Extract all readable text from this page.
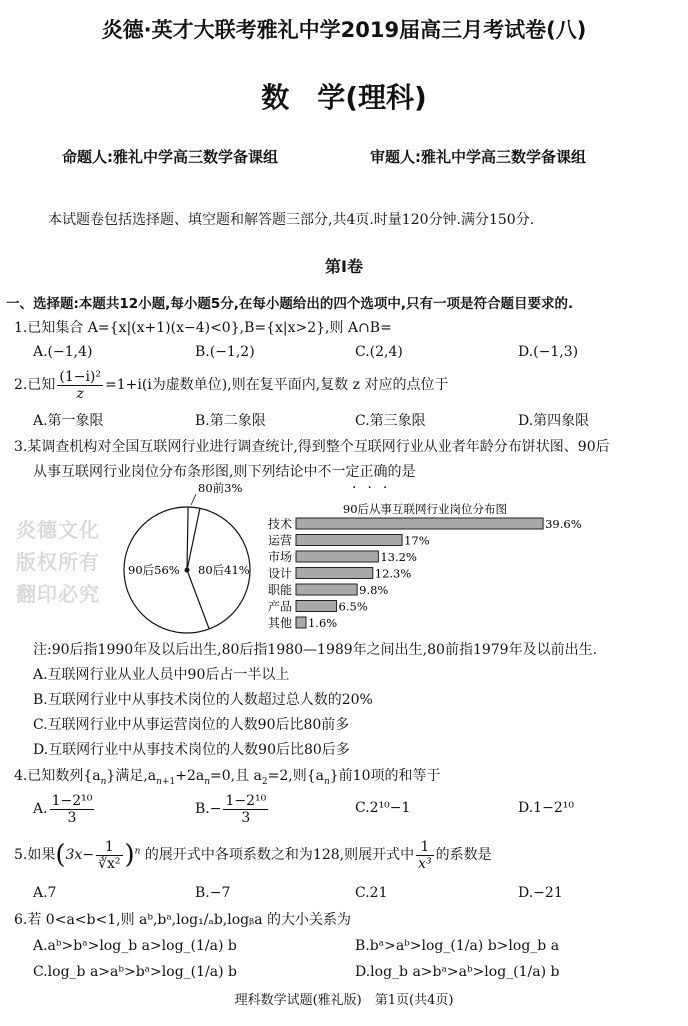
炎德文化
版权所有
翻印必究
炎德·英才大联考雅礼中学2019届高三月考试卷(八)
数　学(理科)
命题人:雅礼中学高三数学备课组	审题人:雅礼中学高三数学备课组
本试题卷包括选择题、填空题和解答题三部分,共4页.时量120分钟.满分150分.
第Ⅰ卷
一、选择题:本题共12小题,每小题5分,在每小题给出的四个选项中,只有一项是符合题目要求的.
1.已知集合 A={x|(x+1)(x−4)<0},B={x|x>2},则 A∩B=
A.(−1,4)	B.(−1,2)	C.(2,4)	D.(−1,3)
2.已知 $\frac{\text{(1−i)²}}{z} =1+i(i$为虚数单位),则在复平面内,复数 z 对应的点位于
A.第一象限	B.第二象限	C.第三象限	D.第四象限
3.某调查机构对全国互联网行业进行调查统计,得到整个互联网行业从业者年龄分布饼状图、90后
从事互联网行业岗位分布条形图,则下列结论中不一定正确的是
···
80前3%
80后41%
90后56%
90后从事互联网行业岗位分布图
技术	39.6%
运营	17%
市场	13.2%
设计	12.3%
职能	9.8%
产品	6.5%
其他 1.6%
注:90后指1990年及以后出生,80后指1980—1989年之间出生,80前指1979年及以前出生.
A.互联网行业从业人员中90后占一半以上
B.互联网行业中从事技术岗位的人数超过总人数的20%
C.互联网行业中从事运营岗位的人数90后比80前多
D.互联网行业中从事技术岗位的人数90后比80后多
4.已知数列$\{a_n\}$满足$,a_{n+1}+2a_n=0$,且 $a_2=2$,则$\{a_n\}$前10项的和等于
A. $\frac{\text{1−2¹⁰}}{3}$	$B.- \frac{\text{1−2¹⁰}}{3}$	C.2¹⁰−1	D.1−2¹⁰
5.如果$(3x- \frac{1}{\text{∛x²}} )^n$ 的展开式中各项系数之和为128,则展开式中 $\frac{1}{\text{x³}}$ 的系数是
A.7	B.−7	C.21	D.−21
6.若 0<a<b<1,则 aᵇ,bᵃ,log₁/ₐb,logᵦa 的大小关系为
A.aᵇ>bᵃ>log_b a>log_(1/a) b	B.bᵃ>aᵇ>log_(1/a) b>log_b a
C.log_b a>aᵇ>bᵃ>log_(1/a) b	D.log_b a>bᵃ>aᵇ>log_(1/a) b
理科数学试题(雅礼版)　第1页(共4页)
